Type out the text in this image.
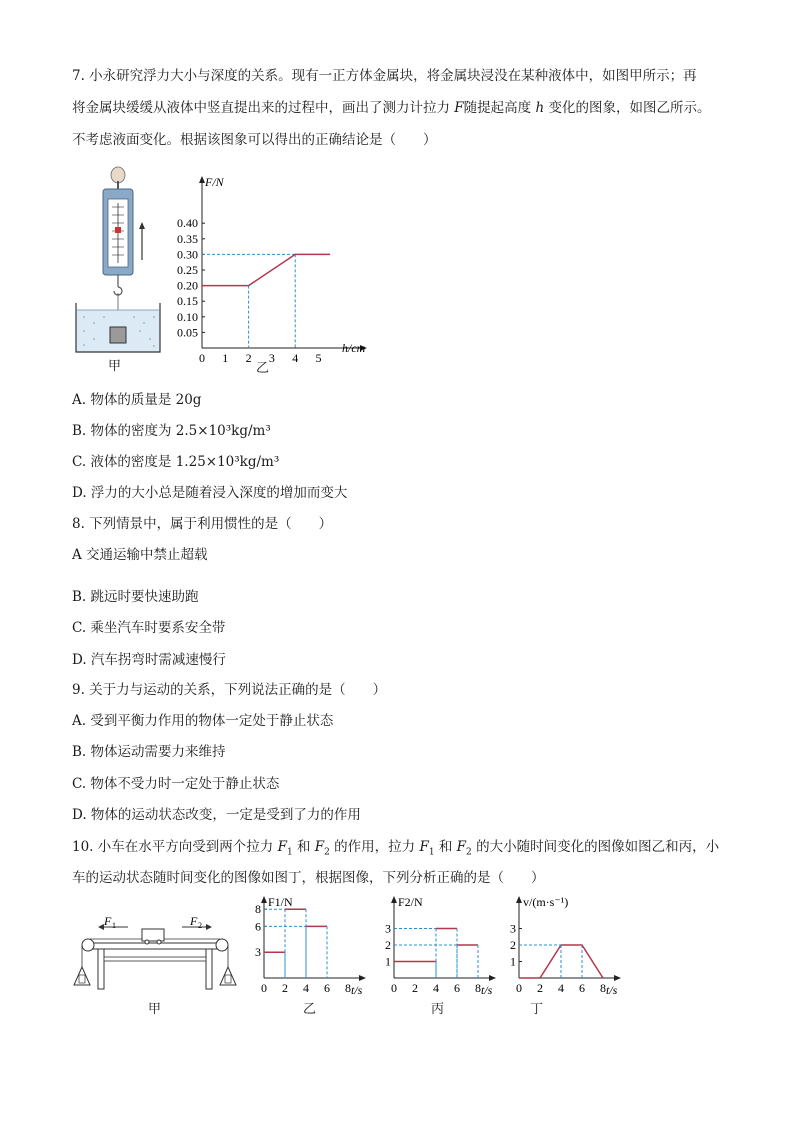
7. 小永研究浮力大小与深度的关系。现有一正方体金属块，将金属块浸没在某种液体中，如图甲所示；再
将金属块缓缓从液体中竖直提出来的过程中，画出了测力计拉力 F随提起高度 h 变化的图象，如图乙所示。
不考虑液面变化。根据该图象可以得出的正确结论是（　　）
甲
F/N
h/cm
0.40
0.35
0.30
0.25
0.20
0.15
0.10
0.05
0 1 2 3 4 5
乙
A. 物体的质量是 20g
B. 物体的密度为 2.5×10³kg/m³
C. 液体的密度是 1.25×10³kg/m³
D. 浮力的大小总是随着浸入深度的增加而变大
8. 下列情景中，属于利用惯性的是（　　）
A 交通运输中禁止超载
B. 跳远时要快速助跑
C. 乘坐汽车时要系安全带
D. 汽车拐弯时需减速慢行
9. 关于力与运动的关系，下列说法正确的是（　　）
A. 受到平衡力作用的物体一定处于静止状态
B. 物体运动需要力来维持
C. 物体不受力时一定处于静止状态
D. 物体的运动状态改变，一定是受到了力的作用
10. 小车在水平方向受到两个拉力 $F_1$ 和 $F_2$ 的作用，拉力 $F_1$ 和 $F_2$ 的大小随时间变化的图像如图乙和丙，小
车的运动状态随时间变化的图像如图丁，根据图像，下列分析正确的是（　　）
F 1	F 2
甲
F1/N
t/s
0 2 4 6 8
3
6
8
乙
F2/N
t/s
0 2 4 6 8
1
2
3
丙
v/(m·s⁻¹)
t/s
0 2 4 6 8
1
2
3
丁
